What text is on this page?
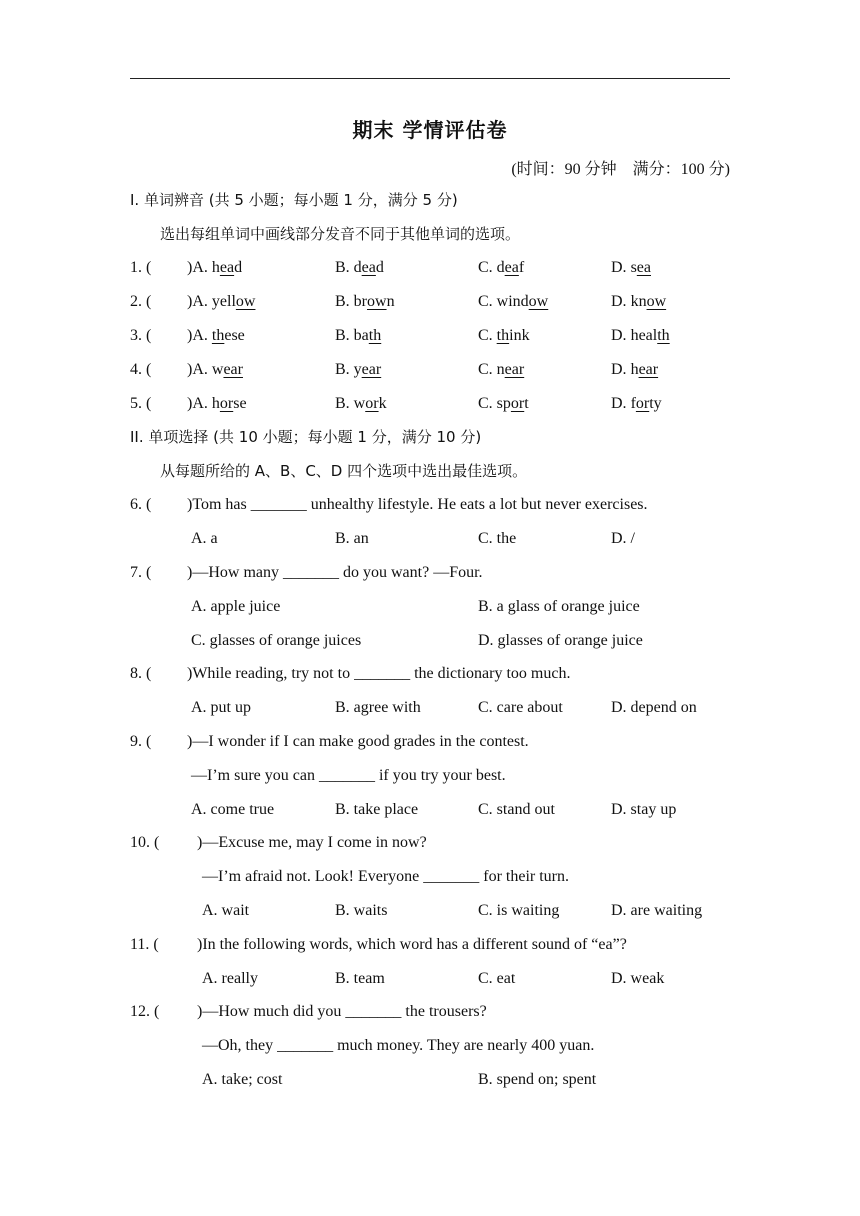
期末 学情评估卷
(时间：90 分钟　满分：100 分)
I. 单词辨音 (共 5 小题；每小题 1 分，满分 5 分)
选出每组单词中画线部分发音不同于其他单词的选项。
1. ( )A. head	B. dead	C. deaf	D. sea
2. ( )A. yellow	B. brown	C. window	D. know
3. ( )A. these	B. bath	C. think	D. health
4. ( )A. wear	B. year	C. near	D. hear
5. ( )A. horse	B. work	C. sport	D. forty
II. 单项选择 (共 10 小题；每小题 1 分，满分 10 分)
从每题所给的 A、B、C、D 四个选项中选出最佳选项。
6. ( )Tom has _______ unhealthy lifestyle. He eats a lot but never exercises.
A. a	B. an	C. the	D. /
7. ( )—How many _______ do you want? —Four.
A. apple juice	B. a glass of orange juice
C. glasses of orange juices	D. glasses of orange juice
8. ( )While reading, try not to _______ the dictionary too much.
A. put up	B. agree with	C. care about	D. depend on
9. ( )—I wonder if I can make good grades in the contest.
—I’m sure you can _______ if you try your best.
A. come true	B. take place	C. stand out	D. stay up
10. ( )—Excuse me, may I come in now?
—I’m afraid not. Look! Everyone _______ for their turn.
A. wait	B. waits	C. is waiting	D. are waiting
11. ( )In the following words, which word has a different sound of “ea”?
A. really	B. team	C. eat	D. weak
12. ( )—How much did you _______ the trousers?
—Oh, they _______ much money. They are nearly 400 yuan.
A. take; cost	B. spend on; spent
